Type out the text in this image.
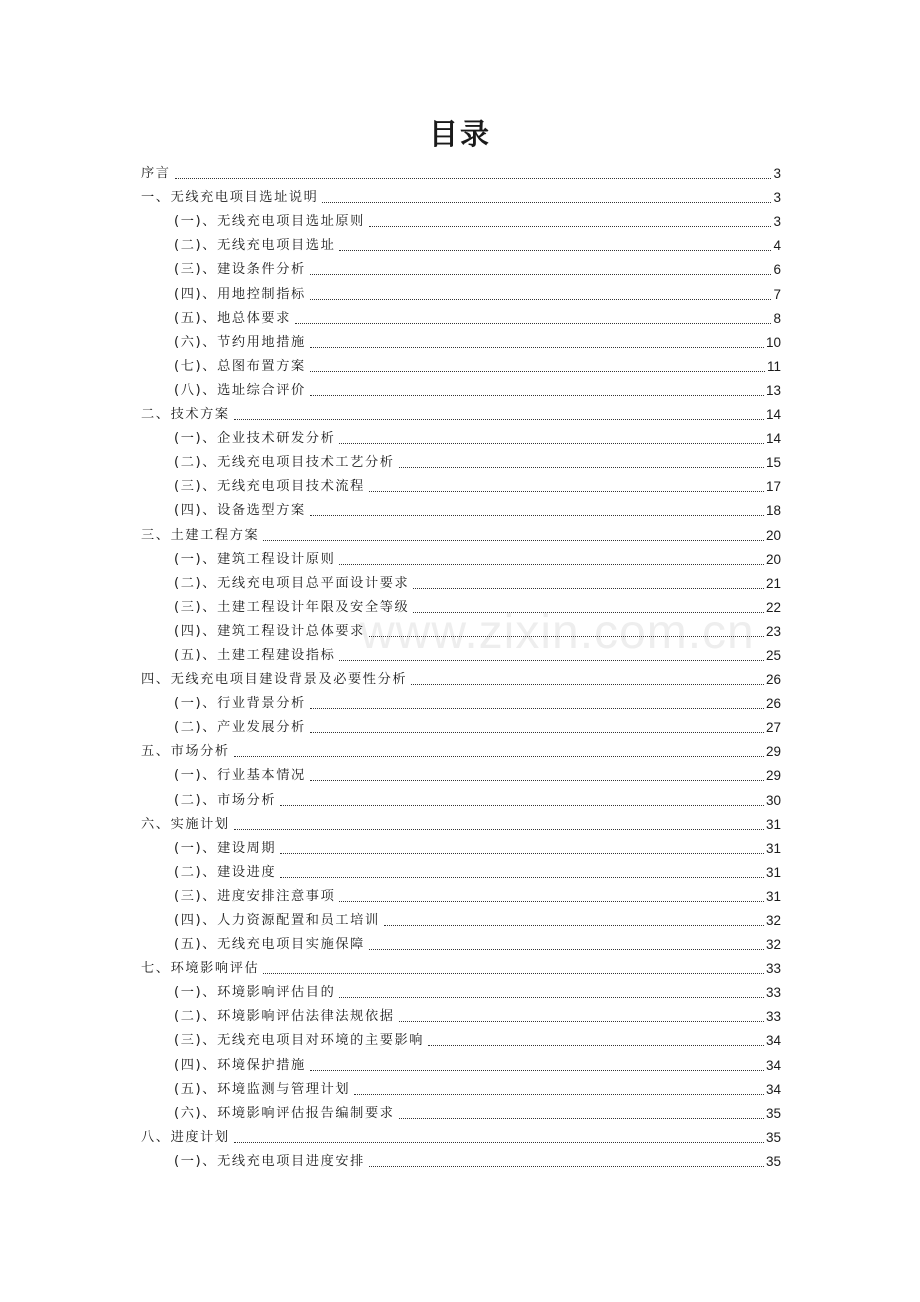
目录
www.zixin.com.cn
序言	3
一、无线充电项目选址说明	3
(一)、无线充电项目选址原则	3
(二)、无线充电项目选址	4
(三)、建设条件分析	6
(四)、用地控制指标	7
(五)、地总体要求	8
(六)、节约用地措施	10
(七)、总图布置方案	11
(八)、选址综合评价	13
二、技术方案	14
(一)、企业技术研发分析	14
(二)、无线充电项目技术工艺分析	15
(三)、无线充电项目技术流程	17
(四)、设备选型方案	18
三、土建工程方案	20
(一)、建筑工程设计原则	20
(二)、无线充电项目总平面设计要求	21
(三)、土建工程设计年限及安全等级	22
(四)、建筑工程设计总体要求	23
(五)、土建工程建设指标	25
四、无线充电项目建设背景及必要性分析	26
(一)、行业背景分析	26
(二)、产业发展分析	27
五、市场分析	29
(一)、行业基本情况	29
(二)、市场分析	30
六、实施计划	31
(一)、建设周期	31
(二)、建设进度	31
(三)、进度安排注意事项	31
(四)、人力资源配置和员工培训	32
(五)、无线充电项目实施保障	32
七、环境影响评估	33
(一)、环境影响评估目的	33
(二)、环境影响评估法律法规依据	33
(三)、无线充电项目对环境的主要影响	34
(四)、环境保护措施	34
(五)、环境监测与管理计划	34
(六)、环境影响评估报告编制要求	35
八、进度计划	35
(一)、无线充电项目进度安排	35
